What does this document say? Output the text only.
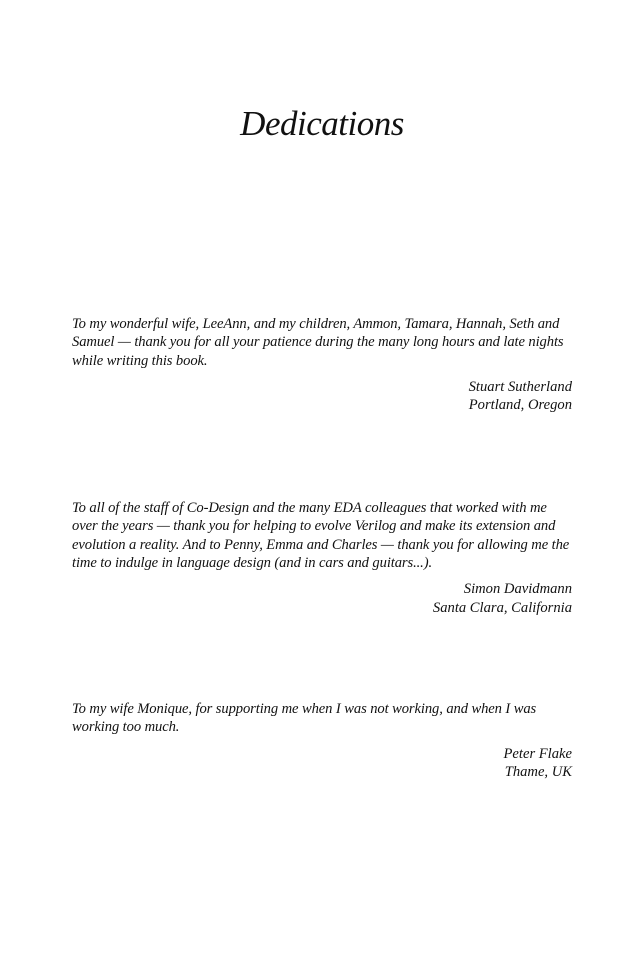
Dedications

To my wonderful wife, LeeAnn, and my children, Ammon, Tamara, Hannah, Seth and Samuel — thank you for all your patience during the many long hours and late nights while writing this book.

Stuart Sutherland
Portland, Oregon

To all of the staff of Co-Design and the many EDA colleagues that worked with me over the years — thank you for helping to evolve Verilog and make its extension and evolution a reality. And to Penny, Emma and Charles — thank you for allowing me the time to indulge in language design (and in cars and guitars...).

Simon Davidmann
Santa Clara, California

To my wife Monique, for supporting me when I was not working, and when I was working too much.

Peter Flake
Thame, UK
